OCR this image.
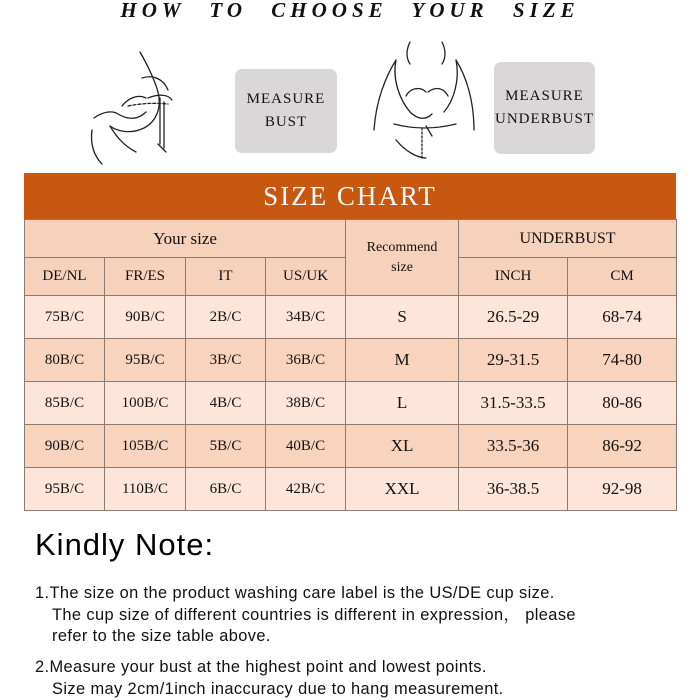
HOW TO CHOOSE YOUR SIZE
MEASURE
BUST
MEASURE
UNDERBUST
SIZE CHART
Your size				Recommend
size	UNDERBUST	
DE/NL	FR/ES	IT	US/UK		INCH	CM
75B/C	90B/C	2B/C	34B/C	S	26.5-29	68-74
80B/C	95B/C	3B/C	36B/C	M	29-31.5	74-80
85B/C	100B/C	4B/C	38B/C	L	31.5-33.5	80-86
90B/C	105B/C	5B/C	40B/C	XL	33.5-36	86-92
95B/C	110B/C	6B/C	42B/C	XXL	36-38.5	92-98
Kindly Note:

1.The size on the product washing care label is the US/DE cup size.

The cup size of different countries is different in expression， please

refer to the size table above.

2.Measure your bust at the highest point and lowest points.

Size may 2cm/1inch inaccuracy due to hang measurement.
